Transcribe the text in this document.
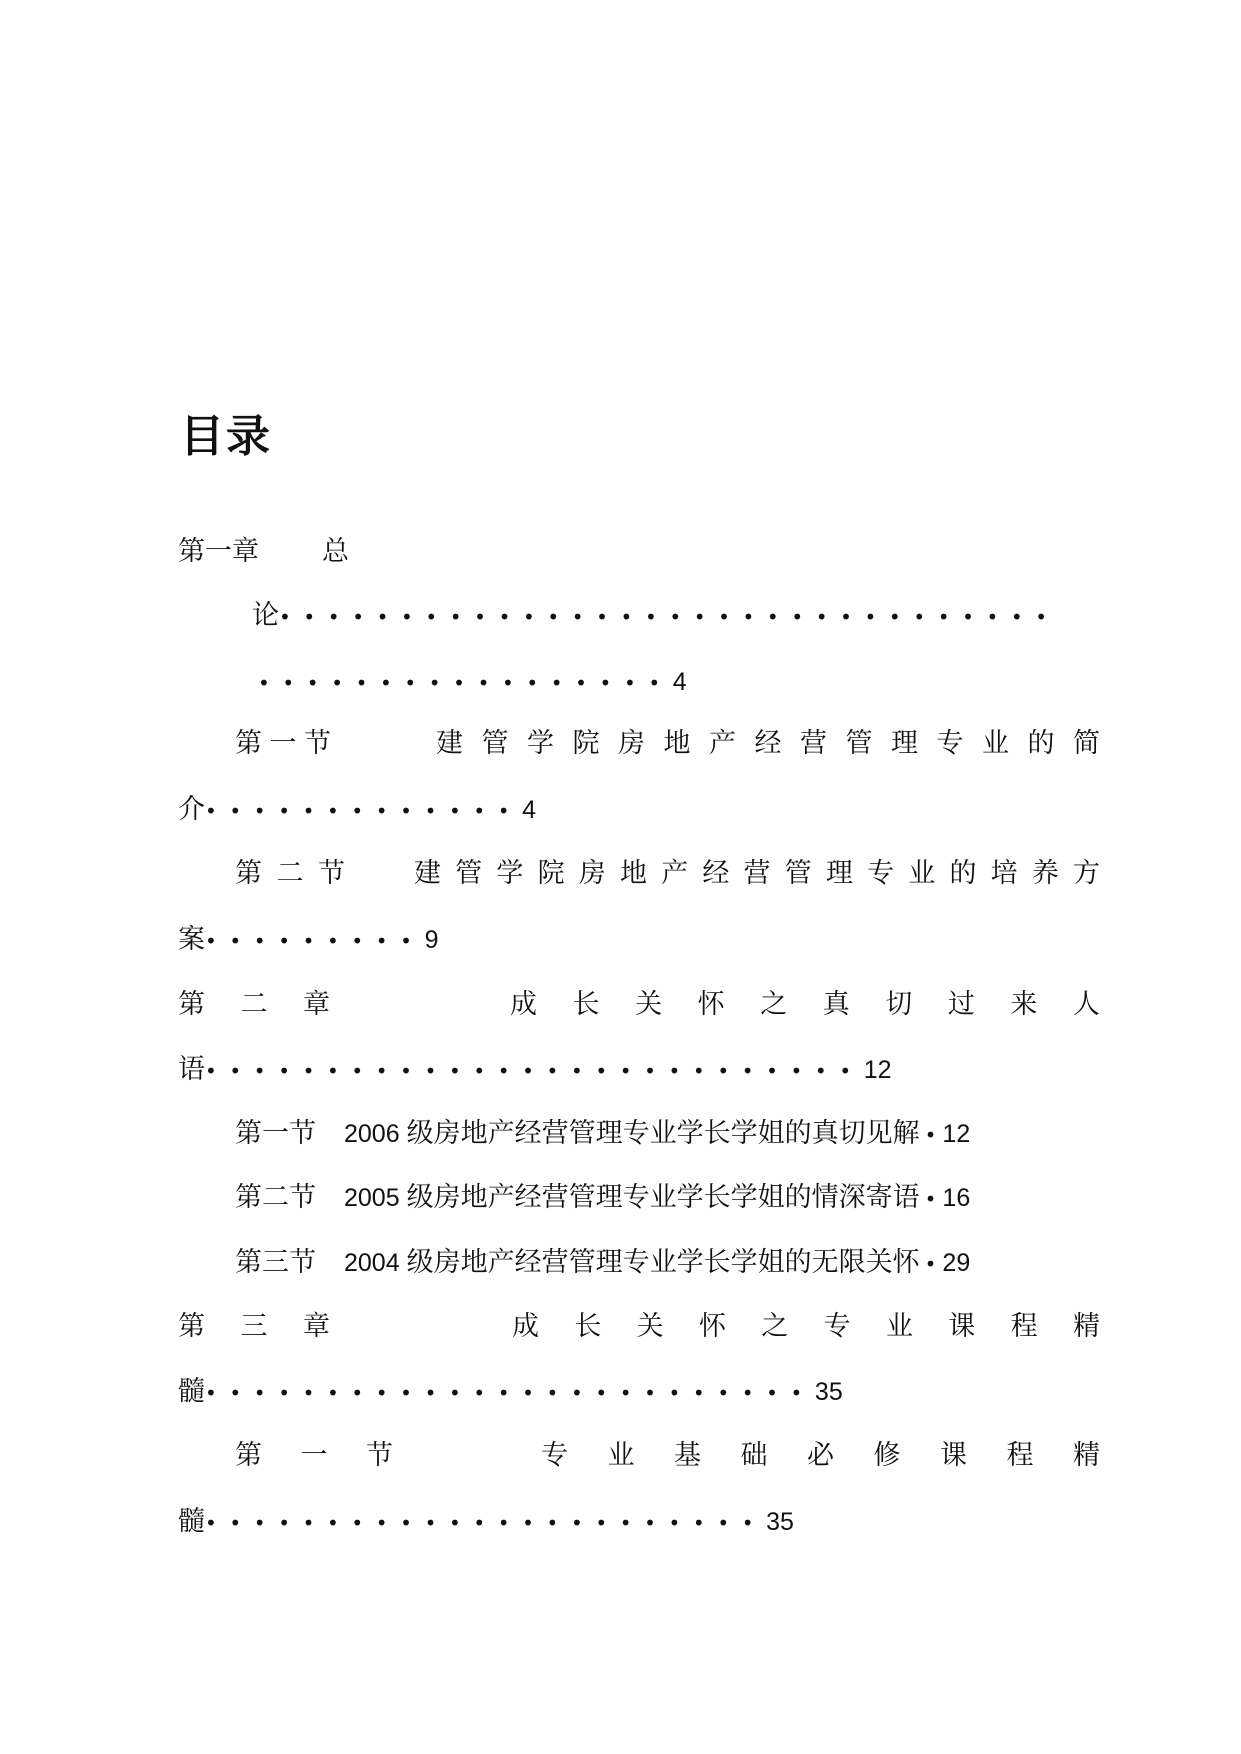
目录
第一章 总
论••••••••••••••••••••••••••••••••
•••••••••••••••••4
第 一 节	建 管 学 院 房 地 产 经 营 管 理 专 业 的 简
介•••••••••••••4
第 二 节	建 管 学 院 房 地 产 经 营 管 理 专 业 的 培 养 方
案•••••••••9
第 二 章	成 长 关 怀 之 真 切 过 来 人
语•••••••••••••••••••••••••••12
第一节 2006 级房地产经营管理专业学长学姐的真切见解 • 12
第二节 2005 级房地产经营管理专业学长学姐的情深寄语 • 16
第三节 2004 级房地产经营管理专业学长学姐的无限关怀 • 29
第 三 章	成 长 关 怀 之 专 业 课 程 精
髓•••••••••••••••••••••••••35
第 一 节	专 业 基 础 必 修 课 程 精
髓•••••••••••••••••••••••35
